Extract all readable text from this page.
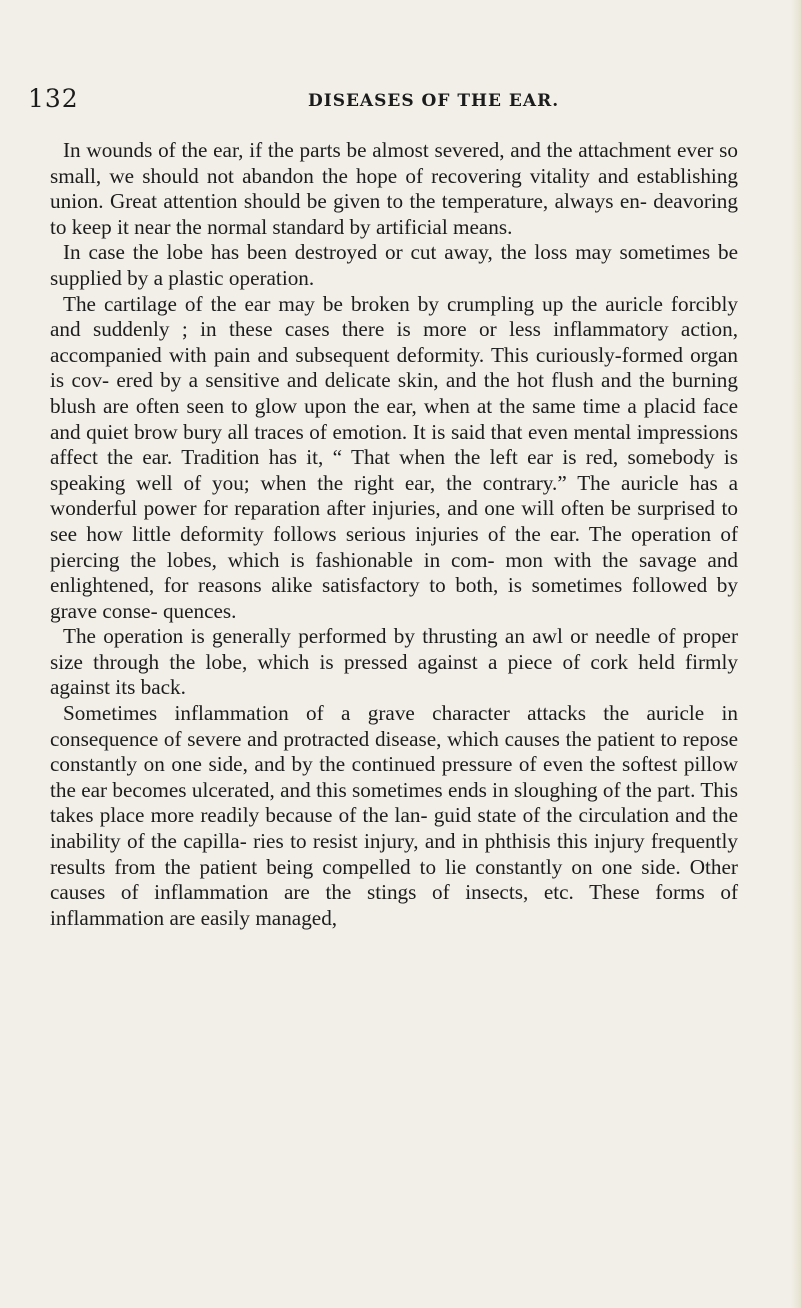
132	DISEASES OF THE EAR.

In wounds of the ear, if the parts be almost severed, and the attachment ever so small, we should not abandon the hope of recovering vitality and establishing union. Great attention should be given to the temperature, always en- deavoring to keep it near the normal standard by artificial means.

In case the lobe has been destroyed or cut away, the loss may sometimes be supplied by a plastic operation.

The cartilage of the ear may be broken by crumpling up the auricle forcibly and suddenly ; in these cases there is more or less inflammatory action, accompanied with pain and subsequent deformity. This curiously-formed organ is cov- ered by a sensitive and delicate skin, and the hot flush and the burning blush are often seen to glow upon the ear, when at the same time a placid face and quiet brow bury all traces of emotion. It is said that even mental impressions affect the ear. Tradition has it, “ That when the left ear is red, somebody is speaking well of you; when the right ear, the contrary.” The auricle has a wonderful power for reparation after injuries, and one will often be surprised to see how little deformity follows serious injuries of the ear. The operation of piercing the lobes, which is fashionable in com- mon with the savage and enlightened, for reasons alike satisfactory to both, is sometimes followed by grave conse- quences.

The operation is generally performed by thrusting an awl or needle of proper size through the lobe, which is pressed against a piece of cork held firmly against its back.

Sometimes inflammation of a grave character attacks the auricle in consequence of severe and protracted disease, which causes the patient to repose constantly on one side, and by the continued pressure of even the softest pillow the ear becomes ulcerated, and this sometimes ends in sloughing of the part. This takes place more readily because of the lan- guid state of the circulation and the inability of the capilla- ries to resist injury, and in phthisis this injury frequently results from the patient being compelled to lie constantly on one side. Other causes of inflammation are the stings of insects, etc. These forms of inflammation are easily managed,
